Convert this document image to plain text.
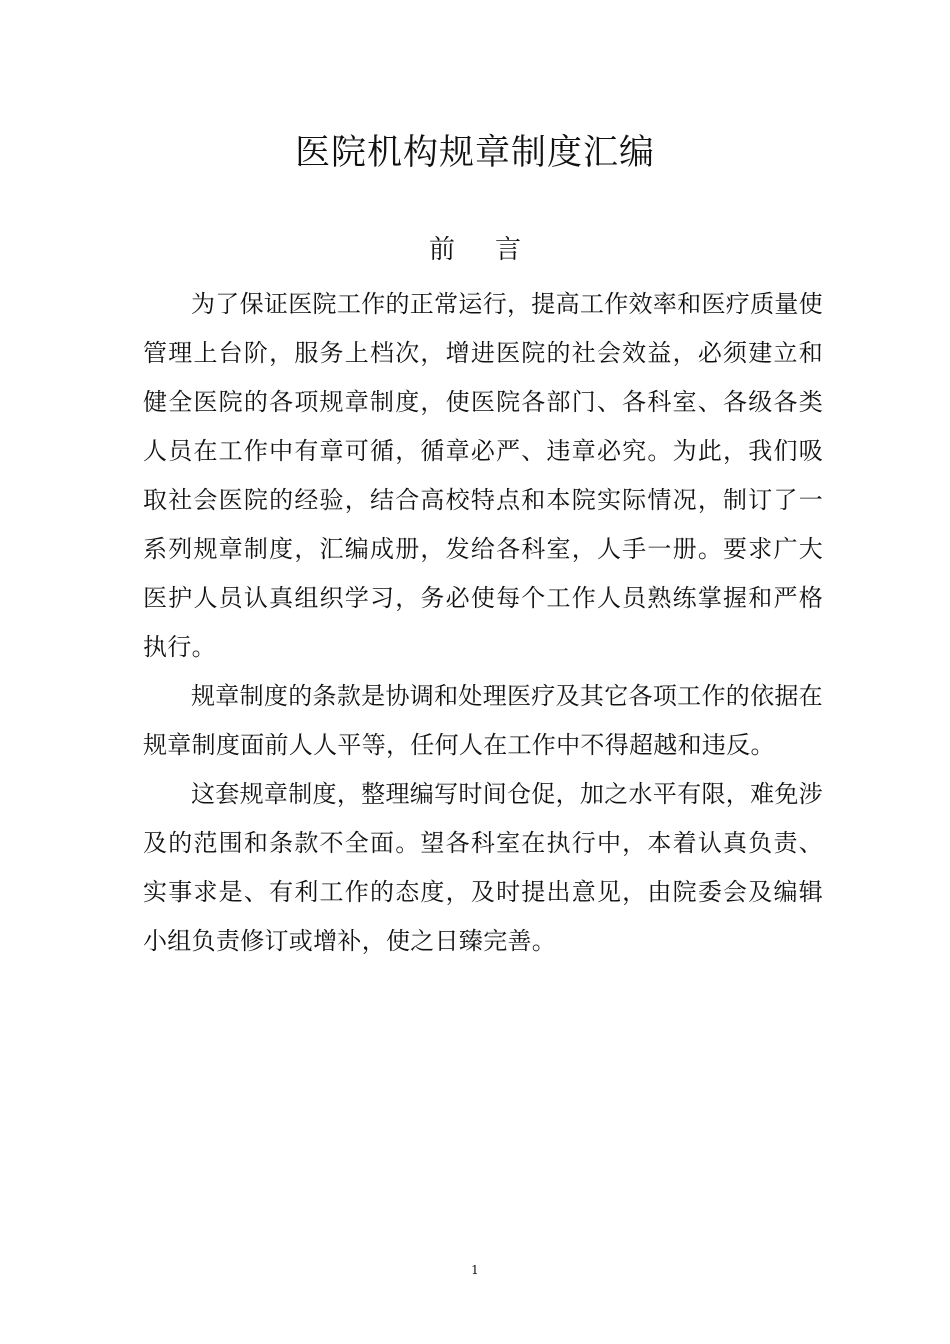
医院机构规章制度汇编
前言

为了保证医院工作的正常运行，提高工作效率和医疗质量使管理上台阶，服务上档次，增进医院的社会效益，必须建立和健全医院的各项规章制度，使医院各部门、各科室、各级各类人员在工作中有章可循，循章必严、违章必究。为此，我们吸取社会医院的经验，结合高校特点和本院实际情况，制订了一系列规章制度，汇编成册，发给各科室，人手一册。要求广大医护人员认真组织学习，务必使每个工作人员熟练掌握和严格执行。

规章制度的条款是协调和处理医疗及其它各项工作的依据在规章制度面前人人平等，任何人在工作中不得超越和违反。

这套规章制度，整理编写时间仓促，加之水平有限，难免涉及的范围和条款不全面。望各科室在执行中，本着认真负责、实事求是、有利工作的态度，及时提出意见，由院委会及编辑小组负责修订或增补，使之日臻完善。

1
